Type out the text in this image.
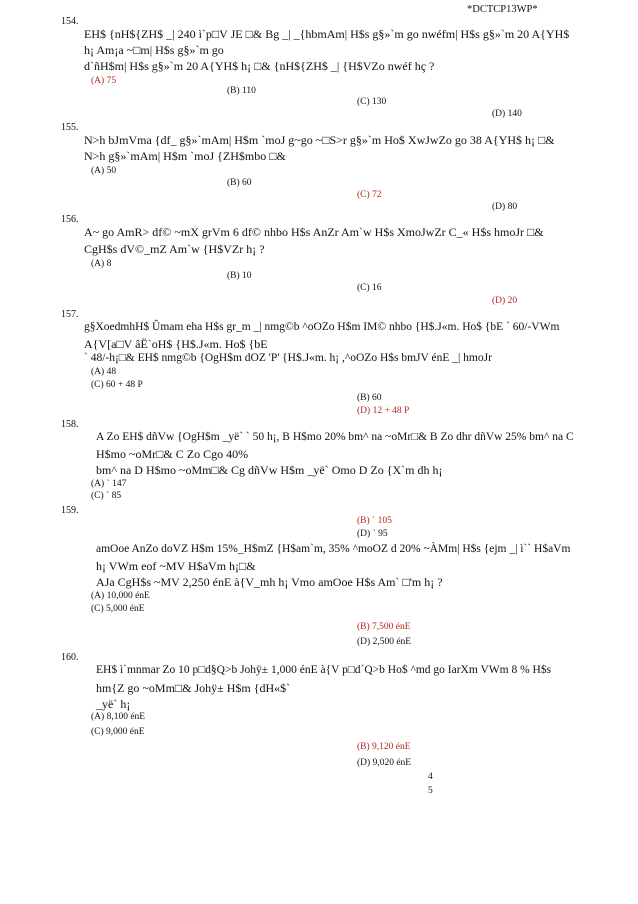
*DCTCP13WP*
154.
EH$ {nH${ZH$ _| 240 ì`p□V JE □& Bg _| _{hbmAm| H$s g§»`m go nwéfm| H$s g§»`m 20 A{YH$
h¡ Am¡a ~□m| H$s g§»`m go
d`ñH$m| H$s g§»`m 20 A{YH$ h¡ □& {nH${ZH$ _| {H$VZo nwéf hç ?
(A) 75
(B) 110
(C) 130
(D) 140
155.
N>h bJmVma {df_ g§»`mAm| H$m `moJ g~go ~□S>r g§»`m Ho$ XwJwZo go 38 A{YH$ h¡ □&
N>h g§»`mAm| H$m `moJ {ZH$mbo □&
(A) 50
(B) 60
(C) 72
(D) 80
156.
A~ go AmR> df© ~mX grVm 6 df© nhbo H$s AnZr Am`w H$s XmoJwZr C_« H$s hmoJr □&
CgH$s dV©_mZ Am`w {H$VZr h¡ ?
(A) 8
(B) 10
(C) 16
(D) 20
157.
g§XoedmhH$ Ûmam eha H$s gr_m _| nmg©b ^oOZo H$m IM© nhbo {H$.J«m. Ho$ {bE ` 60/-VWm
A{V[a□V âË`oH$ {H$.J«m. Ho$ {bE
` 48/-h¡□& EH$ nmg©b {OgH$m dOZ 'P' {H$.J«m. h¡ ,^oOZo H$s bmJV énE _| hmoJr
(A) 48
(C) 60 + 48 P
(B) 60
(D) 12 + 48 P
158.
A Zo EH$ dñVw {OgH$m _yë` ` 50 h¡, B H$mo 20% bm^ na ~oMr□& B Zo dhr dñVw 25% bm^ na C
H$mo ~oMr□& C Zo Cgo 40%
bm^ na D H$mo ~oMm□& Cg dñVw H$m _yë` Omo D Zo {X`m dh h¡
(A) ` 147
(C) ` 85
(B) ` 105
(D) ` 95
159.
amOoe AnZo doVZ H$m 15%_H$mZ {H$am`m, 35% ^moOZ d 20% ~ÀMm| H$s {ejm _| ì`` H$aVm
h¡ VWm eof ~MV H$aVm h¡□&
AJa CgH$s ~MV 2,250 énE à{V_mh h¡ Vmo amOoe H$s Am` □'m h¡ ?
(A) 10,000 énE
(C) 5,000 énE
(B) 7,500 énE
(D) 2,500 énE
160.
EH$ ì`mnmar Zo 10 p□d§Q>b Johÿ± 1,000 énE à{V p□d´Q>b Ho$ ^md go IarXm VWm 8 % H$s
hm{Z go ~oMm□& Johÿ± H$m {dH«$`
_yë` h¡
(A) 8,100 énE
(C) 9,000 énE
(B) 9,120 énE
(D) 9,020 énE
4
5
